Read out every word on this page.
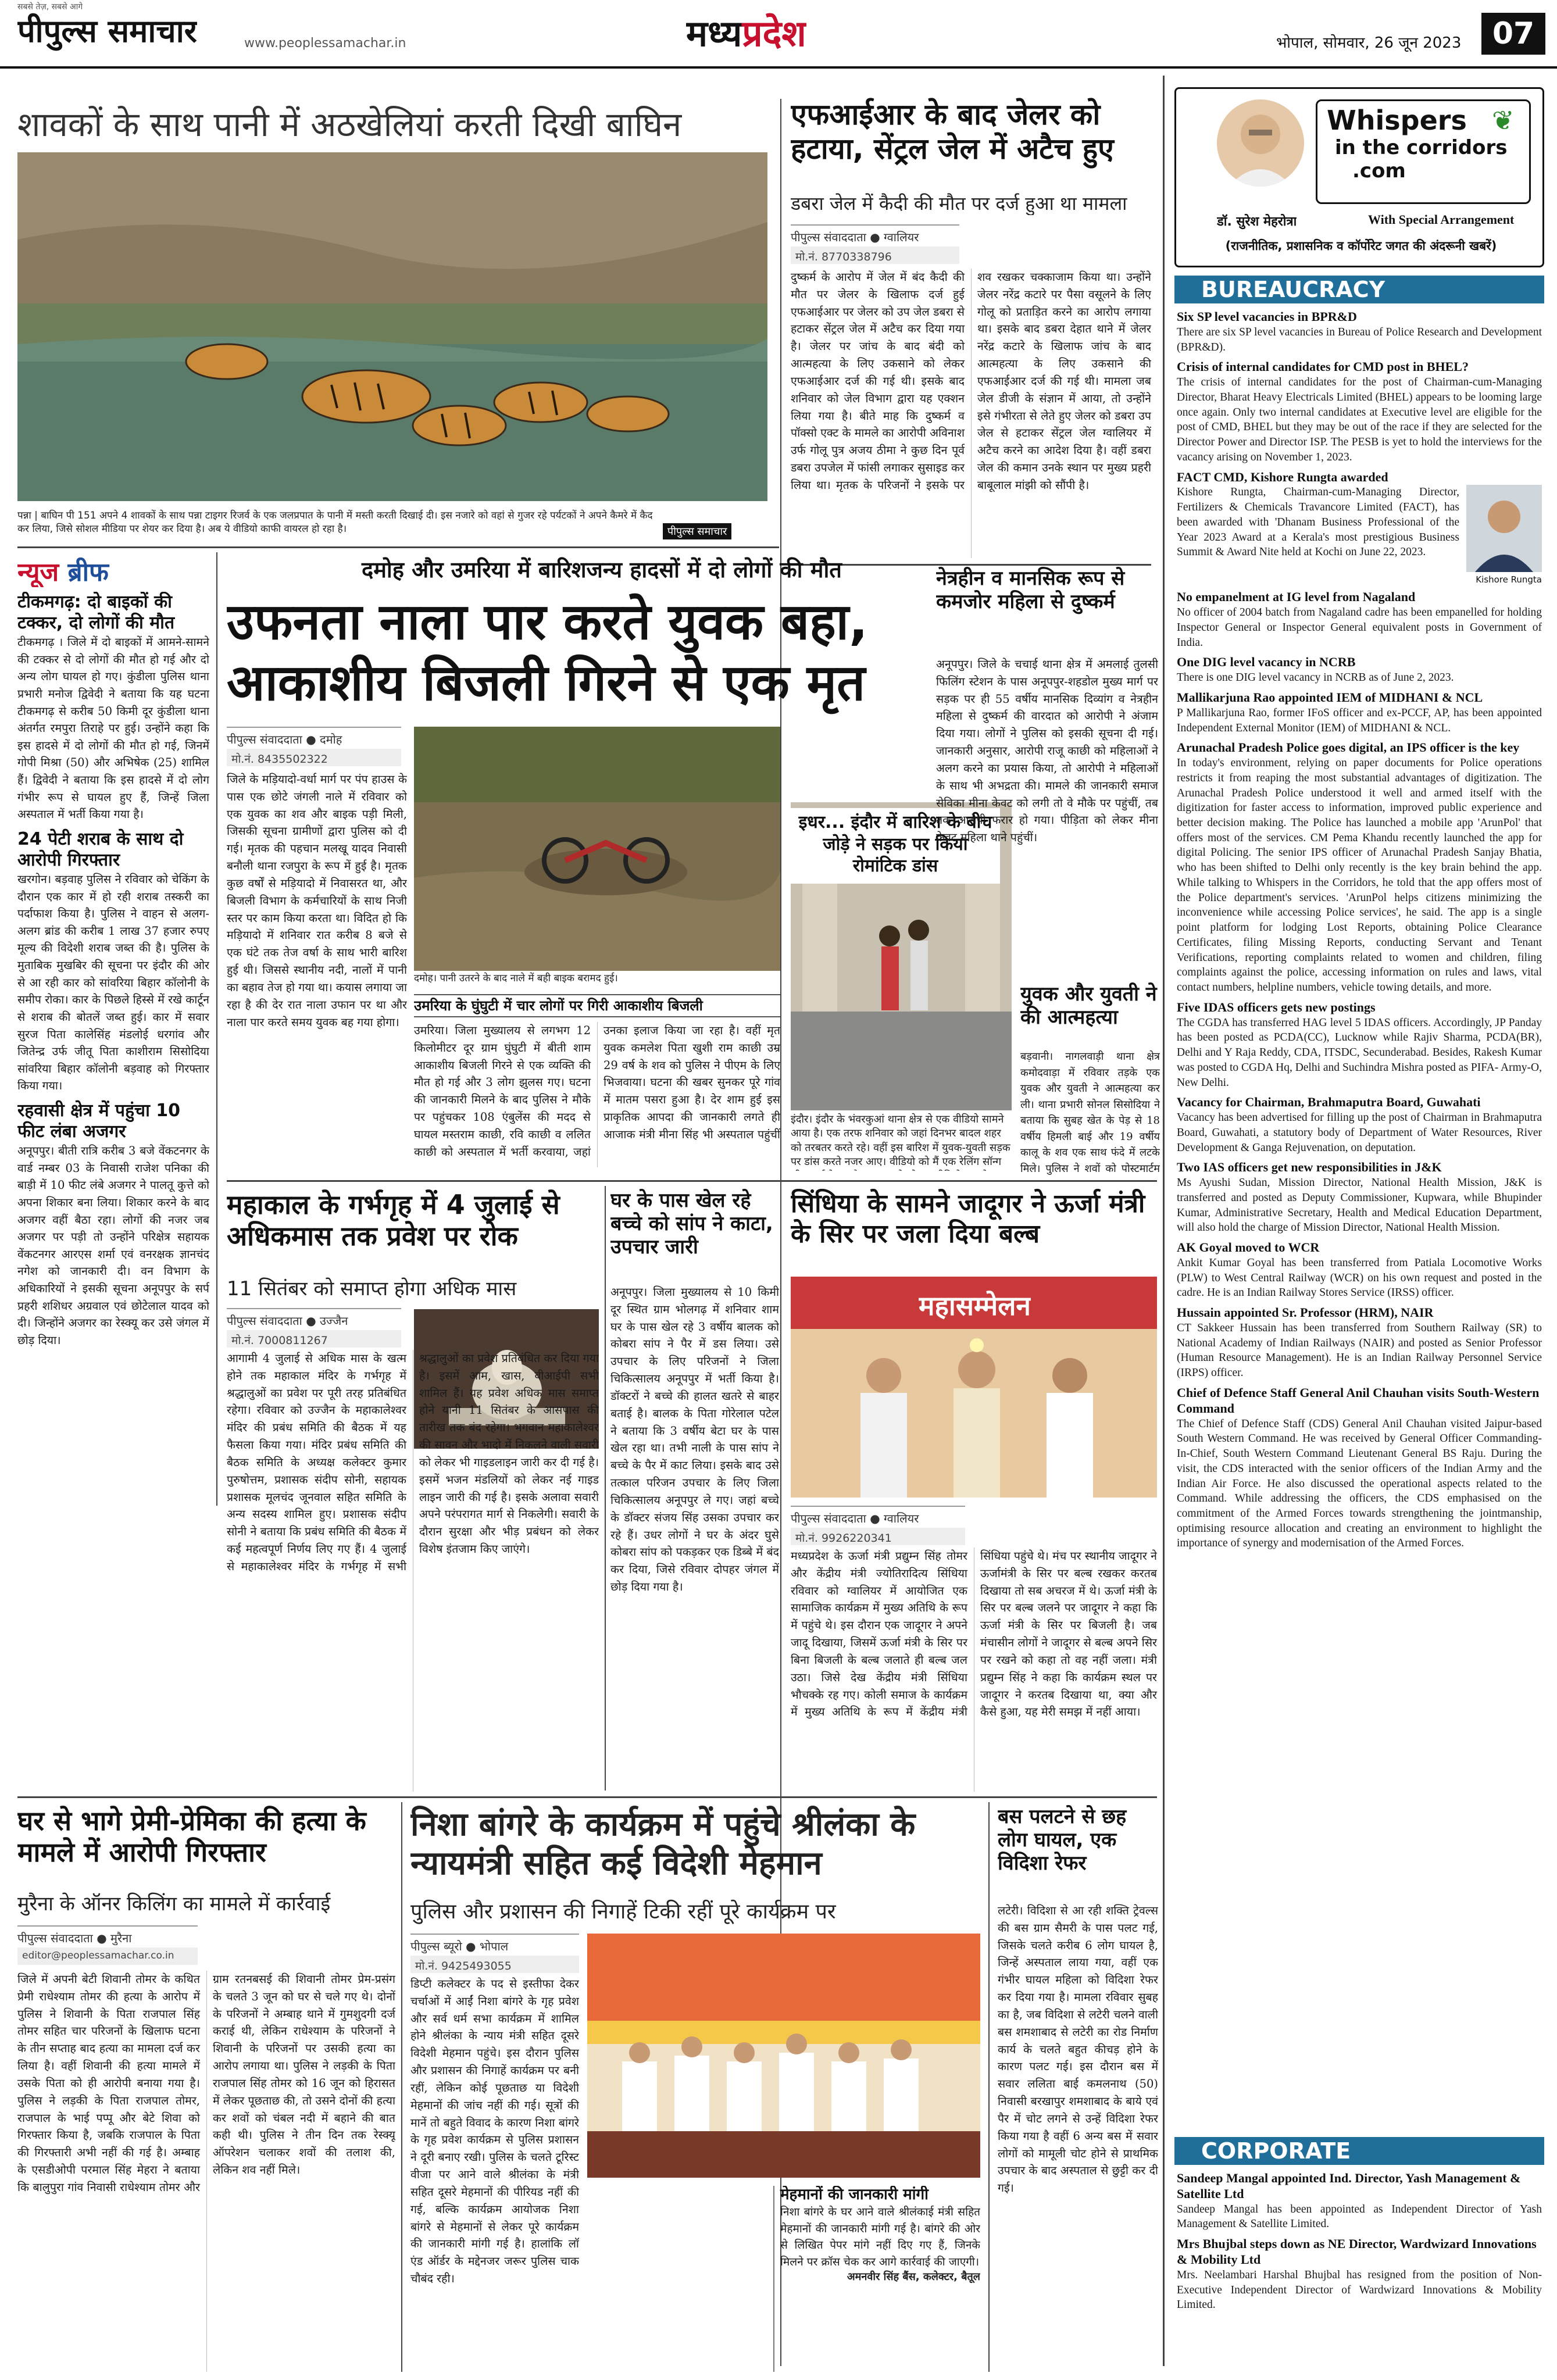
सबसे तेज़, सबसे आगे
पीपुल्स समाचार	www.peoplessamachar.in	मध्यप्रदेश	भोपाल, सोमवार, 26 जून 2023	07
शावकों के साथ पानी में अठखेलियां करती दिखी बाघिन
पन्ना | बाघिन पी 151 अपने 4 शावकों के साथ पन्ना टाइगर रिजर्व के एक जलप्रपात के पानी में मस्ती करती दिखाई दी। इस नजारे को वहां से गुजर रहे पर्यटकों ने अपने कैमरे में कैद कर लिया, जिसे सोशल मीडिया पर शेयर कर दिया है। अब ये वीडियो काफी वायरल हो रहा है।	पीपुल्स समाचार
एफआईआर के बाद जेलर को हटाया, सेंट्रल जेल में अटैच हुए
डबरा जेल में कैदी की मौत पर दर्ज हुआ था मामला
पीपुल्स संवाददाता ● ग्वालियर
मो.नं. 8770338796
दुष्कर्म के आरोप में जेल में बंद कैदी की मौत पर जेलर के खिलाफ दर्ज हुई एफआईआर पर जेलर को उप जेल डबरा से हटाकर सेंट्रल जेल में अटैच कर दिया गया है। जेलर पर जांच के बाद बंदी को आत्महत्या के लिए उकसाने को लेकर एफआईआर दर्ज की गई थी। इसके बाद शनिवार को जेल विभाग द्वारा यह एक्शन लिया गया है। बीते माह कि दुष्कर्म व पॉक्सो एक्ट के मामले का आरोपी अविनाश उर्फ गोलू पुत्र अजय ठीमा ने कुछ दिन पूर्व डबरा उपजेल में फांसी लगाकर सुसाइड कर लिया था। मृतक के परिजनों ने इसके पर शव रखकर चक्काजाम किया था। उन्होंने जेलर नरेंद्र कटारे पर पैसा वसूलने के लिए गोलू को प्रताड़ित करने का आरोप लगाया था। इसके बाद डबरा देहात थाने में जेलर नरेंद्र कटारे के खिलाफ जांच के बाद आत्महत्या के लिए उकसाने की एफआईआर दर्ज की गई थी। मामला जब जेल डीजी के संज्ञान में आया, तो उन्होंने इसे गंभीरता से लेते हुए जेलर को डबरा उप जेल से हटाकर सेंट्रल जेल ग्वालियर में अटैच करने का आदेश दिया है। वहीं डबरा जेल की कमान उनके स्थान पर मुख्य प्रहरी बाबूलाल मांझी को सौंपी है।
Whispers
in the corridors
.com
❦
डॉ. सुरेश मेहरोत्रा	With Special Arrangement
(राजनीतिक, प्रशासनिक व कॉर्पोरेट जगत की अंदरूनी खबरें)
BUREAUCRACY
Six SP level vacancies in BPR&D
There are six SP level vacancies in Bureau of Police Research and Development (BPR&D).
Crisis of internal candidates for CMD post in BHEL?
The crisis of internal candidates for the post of Chairman-cum-Managing Director, Bharat Heavy Electricals Limited (BHEL) appears to be looming large once again. Only two internal candidates at Executive level are eligible for the post of CMD, BHEL but they may be out of the race if they are selected for the Director Power and Director ISP. The PESB is yet to hold the interviews for the vacancy arising on November 1, 2023.
FACT CMD, Kishore Rungta awarded
Kishore Rungta, Chairman-cum-Managing Director, Fertilizers & Chemicals Travancore Limited (FACT), has been awarded with 'Dhanam Business Professional of the Year 2023 Award at a Kerala's most prestigious Business Summit & Award Nite held at Kochi on June 22, 2023.
Kishore Rungta
No empanelment at IG level from Nagaland
No officer of 2004 batch from Nagaland cadre has been empanelled for holding Inspector General or Inspector General equivalent posts in Government of India.
One DIG level vacancy in NCRB
There is one DIG level vacancy in NCRB as of June 2, 2023.
Mallikarjuna Rao appointed IEM of MIDHANI & NCL
P Mallikarjuna Rao, former IFoS officer and ex-PCCF, AP, has been appointed Independent External Monitor (IEM) of MIDHANI & NCL.
Arunachal Pradesh Police goes digital, an IPS officer is the key
In today's environment, relying on paper documents for Police operations restricts it from reaping the most substantial advantages of digitization. The Arunachal Pradesh Police understood it well and armed itself with the digitization for faster access to information, improved public experience and better decision making. The Police has launched a mobile app 'ArunPol' that offers most of the services. CM Pema Khandu recently launched the app for digital Policing. The senior IPS officer of Arunachal Pradesh Sanjay Bhatia, who has been shifted to Delhi only recently is the key brain behind the app. While talking to Whispers in the Corridors, he told that the app offers most of the Police department's services. 'ArunPol helps citizens minimizing the inconvenience while accessing Police services', he said. The app is a single point platform for lodging Lost Reports, obtaining Police Clearance Certificates, filing Missing Reports, conducting Servant and Tenant Verifications, reporting complaints related to women and children, filing complaints against the police, accessing information on rules and laws, vital contact numbers, helpline numbers, vehicle towing details, and more.
Five IDAS officers gets new postings
The CGDA has transferred HAG level 5 IDAS officers. Accordingly, JP Panday has been posted as PCDA(CC), Lucknow while Rajiv Sharma, PCDA(BR), Delhi and Y Raja Reddy, CDA, ITSDC, Secunderabad. Besides, Rakesh Kumar was posted to CGDA Hq, Delhi and Suchindra Mishra posted as PIFA- Army-O, New Delhi.
Vacancy for Chairman, Brahmaputra Board, Guwahati
Vacancy has been advertised for filling up the post of Chairman in Brahmaputra Board, Guwahati, a statutory body of Department of Water Resources, River Development & Ganga Rejuvenation, on deputation.
Two IAS officers get new responsibilities in J&K
Ms Ayushi Sudan, Mission Director, National Health Mission, J&K is transferred and posted as Deputy Commissioner, Kupwara, while Bhupinder Kumar, Administrative Secretary, Health and Medical Education Department, will also hold the charge of Mission Director, National Health Mission.
AK Goyal moved to WCR
Ankit Kumar Goyal has been transferred from Patiala Locomotive Works (PLW) to West Central Railway (WCR) on his own request and posted in the cadre. He is an Indian Railway Stores Service (IRSS) officer.
Hussain appointed Sr. Professor (HRM), NAIR
CT Sakkeer Hussain has been transferred from Southern Railway (SR) to National Academy of Indian Railways (NAIR) and posted as Senior Professor (Human Resource Management). He is an Indian Railway Personnel Service (IRPS) officer.
Chief of Defence Staff General Anil Chauhan visits South-Western Command
The Chief of Defence Staff (CDS) General Anil Chauhan visited Jaipur-based South Western Command. He was received by General Officer Commanding-In-Chief, South Western Command Lieutenant General BS Raju. During the visit, the CDS interacted with the senior officers of the Indian Army and the Indian Air Force. He also discussed the operational aspects related to the Command. While addressing the officers, the CDS emphasised on the commitment of the Armed Forces towards strengthening the jointmanship, optimising resource allocation and creating an environment to highlight the importance of synergy and modernisation of the Armed Forces.
CORPORATE
Sandeep Mangal appointed Ind. Director, Yash Management & Satellite Ltd
Sandeep Mangal has been appointed as Independent Director of Yash Management & Satellite Limited.
Mrs Bhujbal steps down as NE Director, Wardwizard Innovations & Mobility Ltd
Mrs. Neelambari Harshal Bhujbal has resigned from the position of Non-Executive Independent Director of Wardwizard Innovations & Mobility Limited.
न्यूज ब्रीफ
टीकमगढ़: दो बाइकों की टक्कर, दो लोगों की मौत
टीकमगढ़ । जिले में दो बाइकों में आमने-सामने की टक्कर से दो लोगों की मौत हो गई और दो अन्य लोग घायल हो गए। कुंडीला पुलिस थाना प्रभारी मनोज द्विवेदी ने बताया कि यह घटना टीकमगढ़ से करीब 50 किमी दूर कुंडीला थाना अंतर्गत रमपुरा तिराहे पर हुई। उन्होंने कहा कि इस हादसे में दो लोगों की मौत हो गई, जिनमें गोपी मिश्रा (50) और अभिषेक (25) शामिल हैं। द्विवेदी ने बताया कि इस हादसे में दो लोग गंभीर रूप से घायल हुए हैं, जिन्हें जिला अस्पताल में भर्ती किया गया है।
24 पेटी शराब के साथ दो आरोपी गिरफ्तार
खरगोन। बड़वाह पुलिस ने रविवार को चेकिंग के दौरान एक कार में हो रही शराब तस्करी का पर्दाफाश किया है। पुलिस ने वाहन से अलग-अलग ब्रांड की करीब 1 लाख 37 हजार रुपए मूल्य की विदेशी शराब जब्त की है। पुलिस के मुताबिक मुखबिर की सूचना पर इंदौर की ओर से आ रही कार को सांवरिया बिहार कॉलोनी के समीप रोका। कार के पिछले हिस्से में रखे कार्टून से शराब की बोतलें जब्त हुई। कार में सवार सुरज पिता कालेसिंह मंडलोई धरगांव और जितेन्द्र उर्फ जीतू पिता काशीराम सिसोदिया सांवरिया बिहार कॉलोनी बड़वाह को गिरफ्तार किया गया।
रहवासी क्षेत्र में पहुंचा 10 फीट लंबा अजगर
अनूपपुर। बीती रात्रि करीब 3 बजे वेंकटनगर के वार्ड नम्बर 03 के निवासी राजेश पनिका की बाड़ी में 10 फीट लंबे अजगर ने पालतू कुत्ते को अपना शिकार बना लिया। शिकार करने के बाद अजगर वहीं बैठा रहा। लोगों की नजर जब अजगर पर पड़ी तो उन्होंने परिक्षेत्र सहायक वेंकटनगर आरएस शर्मा एवं वनरक्षक ज्ञानचंद नगेश को जानकारी दी। वन विभाग के अधिकारियों ने इसकी सूचना अनूपपुर के सर्प प्रहरी शशिधर अग्रवाल एवं छोटेलाल यादव को दी। जिन्होंने अजगर का रेस्क्यू कर उसे जंगल में छोड़ दिया।
दमोह और उमरिया में बारिशजन्य हादसों में दो लोगों की मौत
उफनता नाला पार करते युवक बहा, आकाशीय बिजली गिरने से एक मृत
पीपुल्स संवाददाता ● दमोह
मो.नं. 8435502322
जिले के मड़ियादो-वर्धा मार्ग पर पंप हाउस के पास एक छोटे जंगली नाले में रविवार को एक युवक का शव और बाइक पड़ी मिली, जिसकी सूचना ग्रामीणों द्वारा पुलिस को दी गई। मृतक की पहचान मलखू यादव निवासी बनौली थाना रजपुरा के रूप में हुई है। मृतक कुछ वर्षों से मड़ियादो में निवासरत था, और बिजली विभाग के कर्मचारियों के साथ निजी स्तर पर काम किया करता था। विदित हो कि मड़ियादो में शनिवार रात करीब 8 बजे से एक घंटे तक तेज वर्षा के साथ भारी बारिश हुई थी। जिससे स्थानीय नदी, नालों में पानी का बहाव तेज हो गया था। कयास लगाया जा रहा है की देर रात नाला उफान पर था और नाला पार करते समय युवक बह गया होगा।
दमोह। पानी उतरने के बाद नाले में बही बाइक बरामद हुई।
उमरिया के घुंघुटी में चार लोगों पर गिरी आकाशीय बिजली
उमरिया। जिला मुख्यालय से लगभग 12 किलोमीटर दूर ग्राम घुंघुटी में बीती शाम आकाशीय बिजली गिरने से एक व्यक्ति की मौत हो गई और 3 लोग झुलस गए। घटना की जानकारी मिलने के बाद पुलिस ने मौके पर पहुंचकर 108 एंबुलेंस की मदद से घायल मस्तराम काछी, रवि काछी व ललित काछी को अस्पताल में भर्ती करवाया, जहां उनका इलाज किया जा रहा है। वहीं मृत युवक कमलेश पिता खुशी राम काछी उम्र 29 वर्ष के शव को पुलिस ने पीएम के लिए भिजवाया। घटना की खबर सुनकर पूरे गांव में मातम पसरा हुआ है। देर शाम हुई इस प्राकृतिक आपदा की जानकारी लगते ही आजाक मंत्री मीना सिंह भी अस्पताल पहुंचीं
इधर... इंदौर में बारिश के बीच जोड़े ने सड़क पर किया रोमांटिक डांस
इंदौर। इंदौर के भंवरकुआं थाना क्षेत्र से एक वीडियो सामने आया है। एक तरफ शनिवार को जहां दिनभर बादल शहर को तरबतर करते रहे। वहीं इस बारिश में युवक-युवती सड़क पर डांस करते नजर आए। वीडियो को मैं एक रेलिंग सॉन्ग
नेत्रहीन व मानसिक रूप से कमजोर महिला से दुष्कर्म
अनूपपुर। जिले के चचाई थाना क्षेत्र में अमलाई तुलसी फिलिंग स्टेशन के पास अनूपपुर-शहडोल मुख्य मार्ग पर सड़क पर ही 55 वर्षीय मानसिक दिव्यांग व नेत्रहीन महिला से दुष्कर्म की वारदात को आरोपी ने अंजाम दिया गया। लोगों ने पुलिस को इसकी सूचना दी गई। जानकारी अनुसार, आरोपी राजू काछी को महिलाओं ने अलग करने का प्रयास किया, तो आरोपी ने महिलाओं के साथ भी अभद्रता की। मामले की जानकारी समाज सेविका मीना केवट को लगी तो वे मौके पर पहुंचीं, तब तक आरोपी फरार हो गया। पीड़िता को लेकर मीना केवट महिला थाने पहुंचीं।
युवक और युवती ने की आत्महत्या
बड़वानी। नागलवाड़ी थाना क्षेत्र कमोदवाड़ा में रविवार तड़के एक युवक और युवती ने आत्महत्या कर ली। थाना प्रभारी सोनल सिसोदिया ने बताया कि सुबह खेत के पेड़ से 18 वर्षीय हिमली बाई और 19 वर्षीय कालू के शव एक साथ फंदे में लटके मिले। पुलिस ने शवों को पोस्टमार्टम
महाकाल के गर्भगृह में 4 जुलाई से अधिकमास तक प्रवेश पर रोक
11 सितंबर को समाप्त होगा अधिक मास
पीपुल्स संवाददाता ● उज्जैन
मो.नं. 7000811267
आगामी 4 जुलाई से अधिक मास के खत्म होने तक महाकाल मंदिर के गर्भगृह में श्रद्धालुओं का प्रवेश पर पूरी तरह प्रतिबंधित रहेगा। रविवार को उज्जैन के महाकालेश्वर मंदिर की प्रबंध समिति की बैठक में यह फैसला किया गया। मंदिर प्रबंध समिति की बैठक समिति के अध्यक्ष कलेक्टर कुमार पुरुषोत्तम, प्रशासक संदीप सोनी, सहायक प्रशासक मूलचंद जूनवाल सहित समिति के अन्य सदस्य शामिल हुए। प्रशासक संदीप सोनी ने बताया कि प्रबंध समिति की बैठक में कई महत्वपूर्ण निर्णय लिए गए हैं। 4 जुलाई से महाकालेश्वर मंदिर के गर्भगृह में सभी श्रद्धालुओं का प्रवेश प्रतिबंधित कर दिया गया है। इसमें आम, खास, वीआईपी सभी शामिल हैं। यह प्रवेश अधिक मास समाप्त होने यानी 11 सितंबर के आसपास की तारीख तक बंद रहेगा। भगवान महाकालेश्वर की सावन और भादो में निकलने वाली सवारी को लेकर भी गाइडलाइन जारी कर दी गई है। इसमें भजन मंडलियों को लेकर नई गाइड लाइन जारी की गई है। इसके अलावा सवारी अपने परंपरागत मार्ग से निकलेगी। सवारी के दौरान सुरक्षा और भीड़ प्रबंधन को लेकर विशेष इंतजाम किए जाएंगे।
घर के पास खेल रहे बच्चे को सांप ने काटा, उपचार जारी
अनूपपुर। जिला मुख्यालय से 10 किमी दूर स्थित ग्राम भोलगढ़ में शनिवार शाम घर के पास खेल रहे 3 वर्षीय बालक को कोबरा सांप ने पैर में डस लिया। उसे उपचार के लिए परिजनों ने जिला चिकित्सालय अनूपपुर में भर्ती किया है। डॉक्टरों ने बच्चे की हालत खतरे से बाहर बताई है। बालक के पिता गोरेलाल पटेल ने बताया कि 3 वर्षीय बेटा घर के पास खेल रहा था। तभी नाली के पास सांप ने बच्चे के पैर में काट लिया। इसके बाद उसे तत्काल परिजन उपचार के लिए जिला चिकित्सालय अनूपपुर ले गए। जहां बच्चे के डॉक्टर संजय सिंह उसका उपचार कर रहे हैं। उधर लोगों ने घर के अंदर घुसे कोबरा सांप को पकड़कर एक डिब्बे में बंद कर दिया, जिसे रविवार दोपहर जंगल में छोड़ दिया गया है।
सिंधिया के सामने जादूगर ने ऊर्जा मंत्री के सिर पर जला दिया बल्ब
महासम्मेलन
पीपुल्स संवाददाता ● ग्वालियर
मो.नं. 9926220341
मध्यप्रदेश के ऊर्जा मंत्री प्रद्युम्न सिंह तोमर और केंद्रीय मंत्री ज्योतिरादित्य सिंधिया रविवार को ग्वालियर में आयोजित एक सामाजिक कार्यक्रम में मुख्य अतिथि के रूप में पहुंचे थे। इस दौरान एक जादूगर ने अपने जादू दिखाया, जिसमें ऊर्जा मंत्री के सिर पर बिना बिजली के बल्ब जलाते ही बल्ब जल उठा। जिसे देख केंद्रीय मंत्री सिंधिया भौचक्के रह गए। कोली समाज के कार्यक्रम में मुख्य अतिथि के रूप में केंद्रीय मंत्री सिंधिया पहुंचे थे। मंच पर स्थानीय जादूगर ने ऊर्जामंत्री के सिर पर बल्ब रखकर करतब दिखाया तो सब अचरज में थे। ऊर्जा मंत्री के सिर पर बल्ब जलने पर जादूगर ने कहा कि ऊर्जा मंत्री के सिर पर बिजली है। जब मंचासीन लोगों ने जादूगर से बल्ब अपने सिर पर रखने को कहा तो वह नहीं जला। मंत्री प्रद्युम्न सिंह ने कहा कि कार्यक्रम स्थल पर जादूगर ने करतब दिखाया था, क्या और कैसे हुआ, यह मेरी समझ में नहीं आया।
घर से भागे प्रेमी-प्रेमिका की हत्या के मामले में आरोपी गिरफ्तार
मुरैना के ऑनर किलिंग का मामले में कार्रवाई
पीपुल्स संवाददाता ● मुरैना
editor@peoplessamachar.co.in
जिले में अपनी बेटी शिवानी तोमर के कथित प्रेमी राधेश्याम तोमर की हत्या के आरोप में पुलिस ने शिवानी के पिता राजपाल सिंह तोमर सहित चार परिजनों के खिलाफ घटना के तीन सप्ताह बाद हत्या का मामला दर्ज कर लिया है। वहीं शिवानी की हत्या मामले में उसके पिता को ही आरोपी बनाया गया है। पुलिस ने लड़की के पिता राजपाल तोमर, राजपाल के भाई पप्पू और बेटे शिवा को गिरफ्तार किया है, जबकि राजपाल के पिता की गिरफ्तारी अभी नहीं की गई है। अम्बाह के एसडीओपी परमाल सिंह मेहरा ने बताया कि बालुपुरा गांव निवासी राधेश्याम तोमर और ग्राम रतनबसई की शिवानी तोमर प्रेम-प्रसंग के चलते 3 जून को घर से चले गए थे। दोनों के परिजनों ने अम्बाह थाने में गुमशुदगी दर्ज कराई थी, लेकिन राधेश्याम के परिजनों ने शिवानी के परिजनों पर उसकी हत्या का आरोप लगाया था। पुलिस ने लड़की के पिता राजपाल सिंह तोमर को 16 जून को हिरासत में लेकर पूछताछ की, तो उसने दोनों की हत्या कर शवों को चंबल नदी में बहाने की बात कही थी। पुलिस ने तीन दिन तक रेस्क्यू ऑपरेशन चलाकर शवों की तलाश की, लेकिन शव नहीं मिले।
निशा बांगरे के कार्यक्रम में पहुंचे श्रीलंका के न्यायमंत्री सहित कई विदेशी मेहमान
पुलिस और प्रशासन की निगाहें टिकी रहीं पूरे कार्यक्रम पर
पीपुल्स ब्यूरो ● भोपाल
मो.नं. 9425493055
डिप्टी कलेक्टर के पद से इस्तीफा देकर चर्चाओं में आईं निशा बांगरे के गृह प्रवेश और सर्व धर्म सभा कार्यक्रम में शामिल होने श्रीलंका के न्याय मंत्री सहित दूसरे विदेशी मेहमान पहुंचे। इस दौरान पुलिस और प्रशासन की निगाहें कार्यक्रम पर बनी रहीं, लेकिन कोई पूछताछ या विदेशी मेहमानों की जांच नहीं की गई। सूत्रों की मानें तो बहुते विवाद के कारण निशा बांगरे के गृह प्रवेश कार्यक्रम से पुलिस प्रशासन ने दूरी बनाए रखी। पुलिस के चलते टूरिस्ट वीजा पर आने वाले श्रीलंका के मंत्री सहित दूसरे मेहमानों की पीरियड नहीं की गई, बल्कि कार्यक्रम आयोजक निशा बांगरे से मेहमानों से लेकर पूरे कार्यक्रम की जानकारी मांगी गई है। हालांकि लॉ एंड ऑर्डर के मद्देनजर जरूर पुलिस चाक चौबंद रही।
मेहमानों की जानकारी मांगी
निशा बांगरे के घर आने वाले श्रीलंकाई मंत्री सहित मेहमानों की जानकारी मांगी गई है। बांगरे की ओर से लिखित पेपर मांगे नहीं दिए गए हैं, जिनके मिलने पर क्रॉस चेक कर आगे कार्रवाई की जाएगी।
अमनवीर सिंह बैंस, कलेक्टर, बैतूल
बस पलटने से छह लोग घायल, एक विदिशा रेफर
लटेरी। विदिशा से आ रही शक्ति ट्रेवल्स की बस ग्राम सैमरी के पास पलट गई, जिसके चलते करीब 6 लोग घायल है, जिन्हें अस्पताल लाया गया, वहीं एक गंभीर घायल महिला को विदिशा रेफर कर दिया गया है। मामला रविवार सुबह का है, जब विदिशा से लटेरी चलने वाली बस शमशाबाद से लटेरी का रोड निर्माण कार्य के चलते बहुत कीचड़ होने के कारण पलट गई। इस दौरान बस में सवार ललिता बाई कमलनाथ (50) निवासी बरखापुर शमशाबाद के बाये एवं पैर में चोट लगने से उन्हें विदिशा रेफर किया गया है वहीं 6 अन्य बस में सवार लोगों को मामूली चोट होने से प्राथमिक उपचार के बाद अस्पताल से छुट्टी कर दी गई।
